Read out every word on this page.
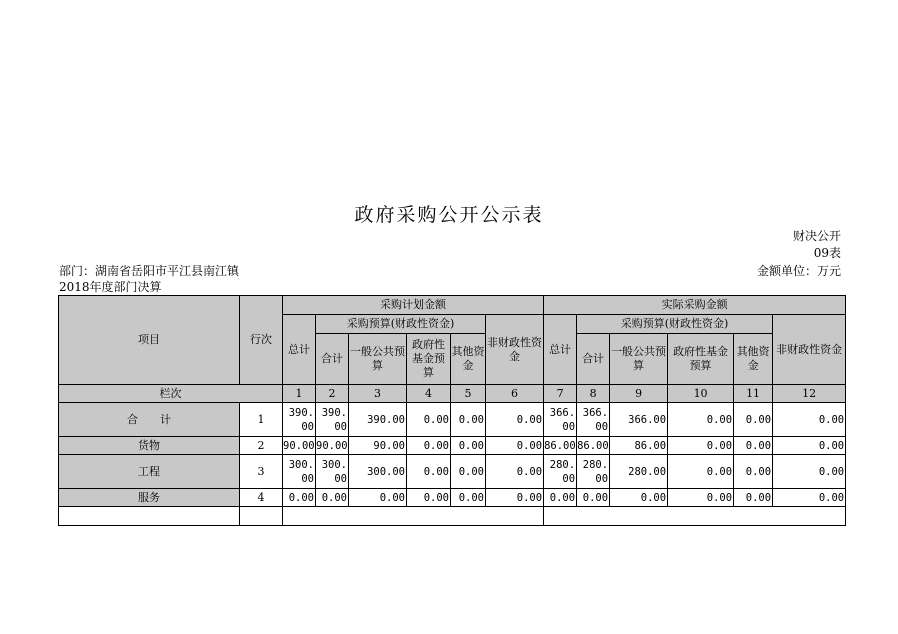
政府采购公开公示表
财决公开09表
部门：湖南省岳阳市平江县南江镇2018年度部门决算
金额单位：万元
项目	行次	采购计划金额						实际采购金额					
		总计	采购预算(财政性资金)				非财政性资金	总计	采购预算(财政性资金)				非财政性资金
			合计	一般公共预算	政府性基金预算	其他资金			合计	一般公共预算	政府性基金预算	其他资金	
栏次		1	2	3	4	5	6	7	8	9	10	11	12
合　　计	1	390.00	390.00	390.00	0.00	0.00	0.00	366.00	366.00	366.00	0.00	0.00	0.00
货物	2	90.00	90.00	90.00	0.00	0.00	0.00	86.00	86.00	86.00	0.00	0.00	0.00
工程	3	300.00	300.00	300.00	0.00	0.00	0.00	280.00	280.00	280.00	0.00	0.00	0.00
服务	4	0.00	0.00	0.00	0.00	0.00	0.00	0.00	0.00	0.00	0.00	0.00	0.00
